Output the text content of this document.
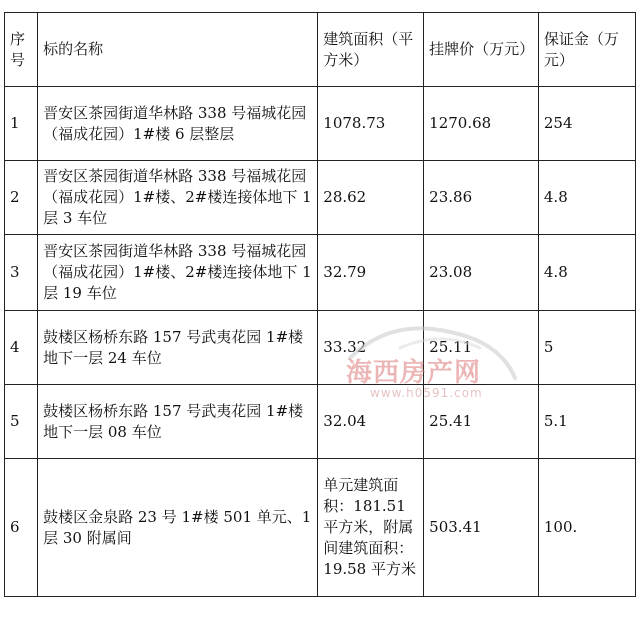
序号	标的名称	建筑面积（平方米）	挂牌价（万元）	保证金（万元）
1	晋安区茶园街道华林路 338 号福城花园（福成花园）1#楼 6 层整层	1078.73	1270.68	254
2	晋安区茶园街道华林路 338 号福城花园（福成花园）1#楼、2#楼连接体地下 1 层 3 车位	28.62	23.86	4.8
3	晋安区茶园街道华林路 338 号福城花园（福成花园）1#楼、2#楼连接体地下 1 层 19 车位	32.79	23.08	4.8
4	鼓楼区杨桥东路 157 号武夷花园 1#楼地下一层 24 车位	33.32	25.11	5
5	鼓楼区杨桥东路 157 号武夷花园 1#楼地下一层 08 车位	32.04	25.41	5.1
6	鼓楼区金泉路 23 号 1#楼 501 单元、1 层 30 附属间	单元建筑面积：181.51 平方米，附属间建筑面积：19.58 平方米	503.41	100.
海西房产网
www.h0591.com
